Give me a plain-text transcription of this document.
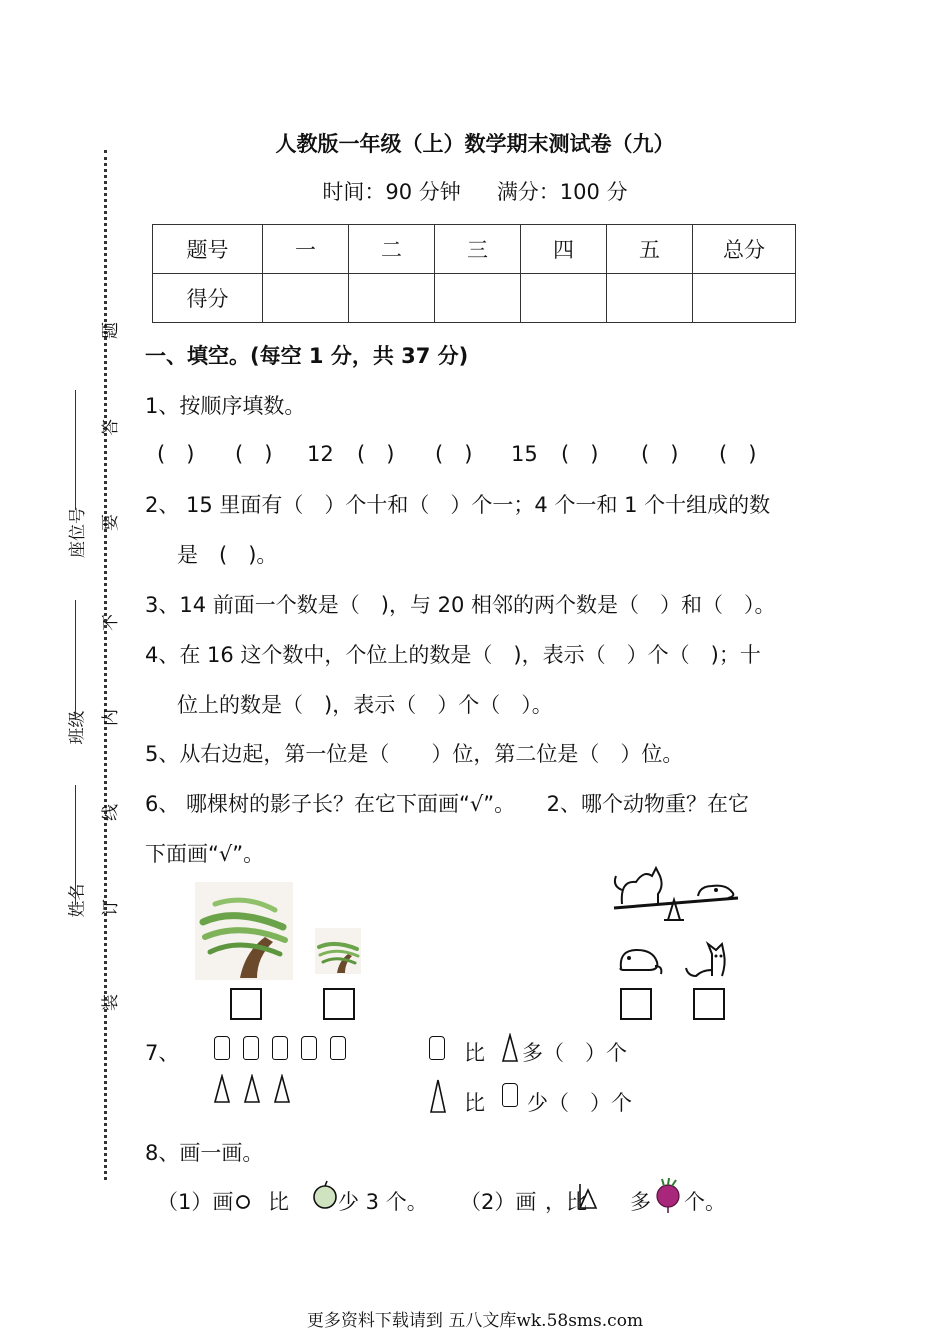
人教版一年级（上）数学期末测试卷（九）
时间：90 分钟 满分：100 分
题号	一	二	三	四	五	总分
得分						
姓名
班级
座位号
装
订
线
内
不
要
答
题
一、填空。(每空 1 分，共 37 分)
1、按顺序填数。
(　) (　) 12 (　) (　) 15 (　) (　) (　)
2、 15 里面有（　）个十和（　）个一；4 个一和 1 个十组成的数
是　(　)。
3、14 前面一个数是（　)，与 20 相邻的两个数是（　）和（　）。
4、在 16 这个数中，个位上的数是（　)，表示（　）个（　)；十
位上的数是（　)，表示（　）个（　）。
5、从右边起，第一位是（　　）位，第二位是（　）位。
6、 哪棵树的影子长？在它下面画“√”。　　2、哪个动物重？在它
下面画“√”。
7、	比 多（　）个
比 少（　）个
8、画一画。
（1）画 比 少 3 个。 （2）画 ，比 多 个。
更多资料下载请到 五八文库wk.58sms.com
